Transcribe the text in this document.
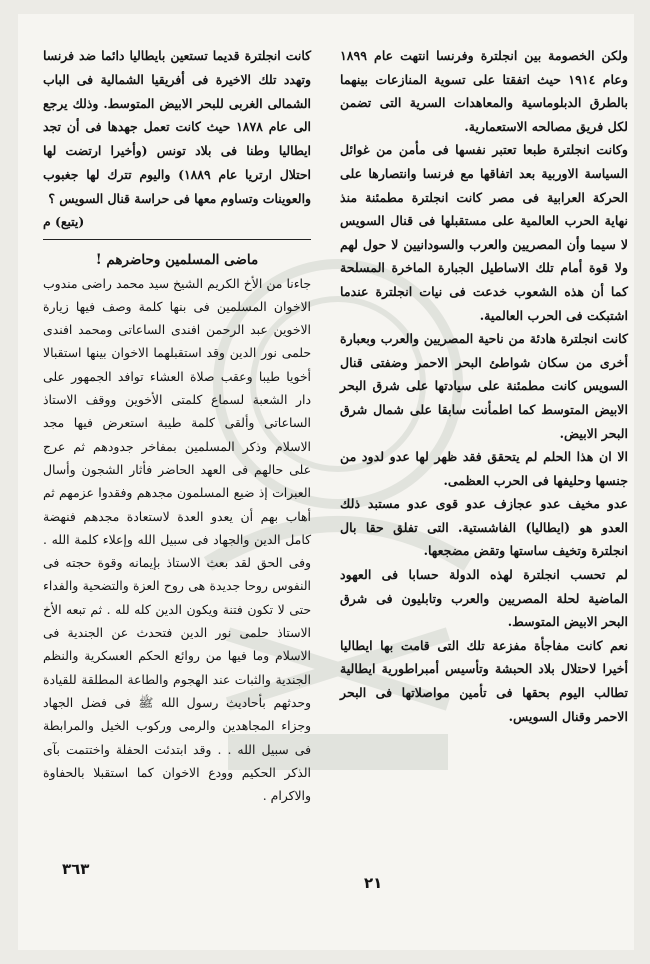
ولكن الخصومة بين انجلترة وفرنسا انتهت عام ١٨٩٩ وعام ١٩١٤ حيث اتفقتا على تسوية المنازعات بينهما بالطرق الدبلوماسية والمعاهدات السرية التى تضمن لكل فريق مصالحه الاستعمارية.

وكانت انجلترة طبعا تعتبر نفسها فى مأمن من غوائل السياسة الاوربية بعد اتفاقها مع فرنسا وانتصارها على الحركة العرابية فى مصر كانت انجلترة مطمئنة منذ نهاية الحرب العالمية على مستقبلها فى قنال السويس لا سيما وأن المصريين والعرب والسودانيين لا حول لهم ولا قوة أمام تلك الاساطيل الجبارة الماخرة المسلحة كما أن هذه الشعوب خدعت فى نيات انجلترة عندما اشتبكت فى الحرب العالمية.

كانت انجلترة هادئة من ناحية المصريين والعرب وبعبارة أخرى من سكان شواطئ البحر الاحمر وضفتى قنال السويس كانت مطمئنة على سيادتها على شرق البحر الابيض المتوسط كما اطمأنت سابقا على شمال شرق البحر الابيض.

الا ان هذا الحلم لم يتحقق فقد ظهر لها عدو لدود من جنسها وحليفها فى الحرب العظمى.

عدو مخيف عدو عجازف عدو قوى عدو مستبد ذلك العدو هو (ايطاليا) الفاشستية. التى تفلق حقا بال انجلترة وتخيف ساستها وتقض مضجعها.

لم تحسب انجلترة لهذه الدولة حسابا فى العهود الماضية لحلة المصريين والعرب وتابليون فى شرق البحر الابيض المتوسط.

نعم كانت مفاجأة مفزعة تلك التى قامت بها ايطاليا أخيرا لاحتلال بلاد الحبشة وتأسيس أمبراطورية ايطالية تطالب اليوم بحقها فى تأمين مواصلاتها فى البحر الاحمر وقنال السويس.

كانت انجلترة قديما تستعين بايطاليا دائما ضد فرنسا وتهدد تلك الاخيرة فى أفريقيا الشمالية فى الباب الشمالى الغربى للبحر الابيض المتوسط. وذلك يرجع الى عام ١٨٧٨ حيث كانت تعمل جهدها فى أن تجد ايطاليا وطنا فى بلاد تونس (وأخيرا ارتضت لها احتلال ارتريا عام ١٨٨٩) واليوم تترك لها جغبوب والعوينات وتساوم معها فى حراسة قنال السويس ؟

(يتبع) م
ماضى المسلمين وحاضرهم !

جاءنا من الأخ الكريم الشيخ سيد محمد راضى مندوب الاخوان المسلمين فى بنها كلمة وصف فيها زيارة الاخوين عبد الرحمن افندى الساعاتى ومحمد افندى حلمى نور الدين وقد استقبلهما الاخوان بينها استقبالا أخويا طيبا وعقب صلاة العشاء توافد الجمهور على دار الشعبة لسماع كلمتى الأخوين ووقف الاستاذ الساعاتى وألقى كلمة طيبة استعرض فيها مجد الاسلام وذكر المسلمين بمفاخر جدودهم ثم عرج على حالهم فى العهد الحاضر فأثار الشجون وأسال العبرات إذ ضيع المسلمون مجدهم وفقدوا عزمهم ثم أهاب بهم أن يعدو العدة لاستعادة مجدهم فنهضة كامل الدين والجهاد فى سبيل الله وإعلاء كلمة الله . وفى الحق لقد بعث الاستاذ بإيمانه وقوة حجته فى النفوس روحا جديدة هى روح العزة والتضحية والفداء حتى لا تكون فتنة ويكون الدين كله لله . ثم تبعه الأخ الاستاذ حلمى نور الدين فتحدث عن الجندية فى الاسلام وما فيها من روائع الحكم العسكرية والنظم الجندية والثبات عند الهجوم والطاعة المطلقة للقيادة وحدثهم بأحاديث رسول الله ﷺ فى فضل الجهاد وجزاء المجاهدين والرمى وركوب الخيل والمرابطة فى سبيل الله . . وقد ابتدئت الحفلة واختتمت بآى الذكر الحكيم وودع الاخوان كما استقبلا بالحفاوة والاكرام .

٣٦٣
٢١
